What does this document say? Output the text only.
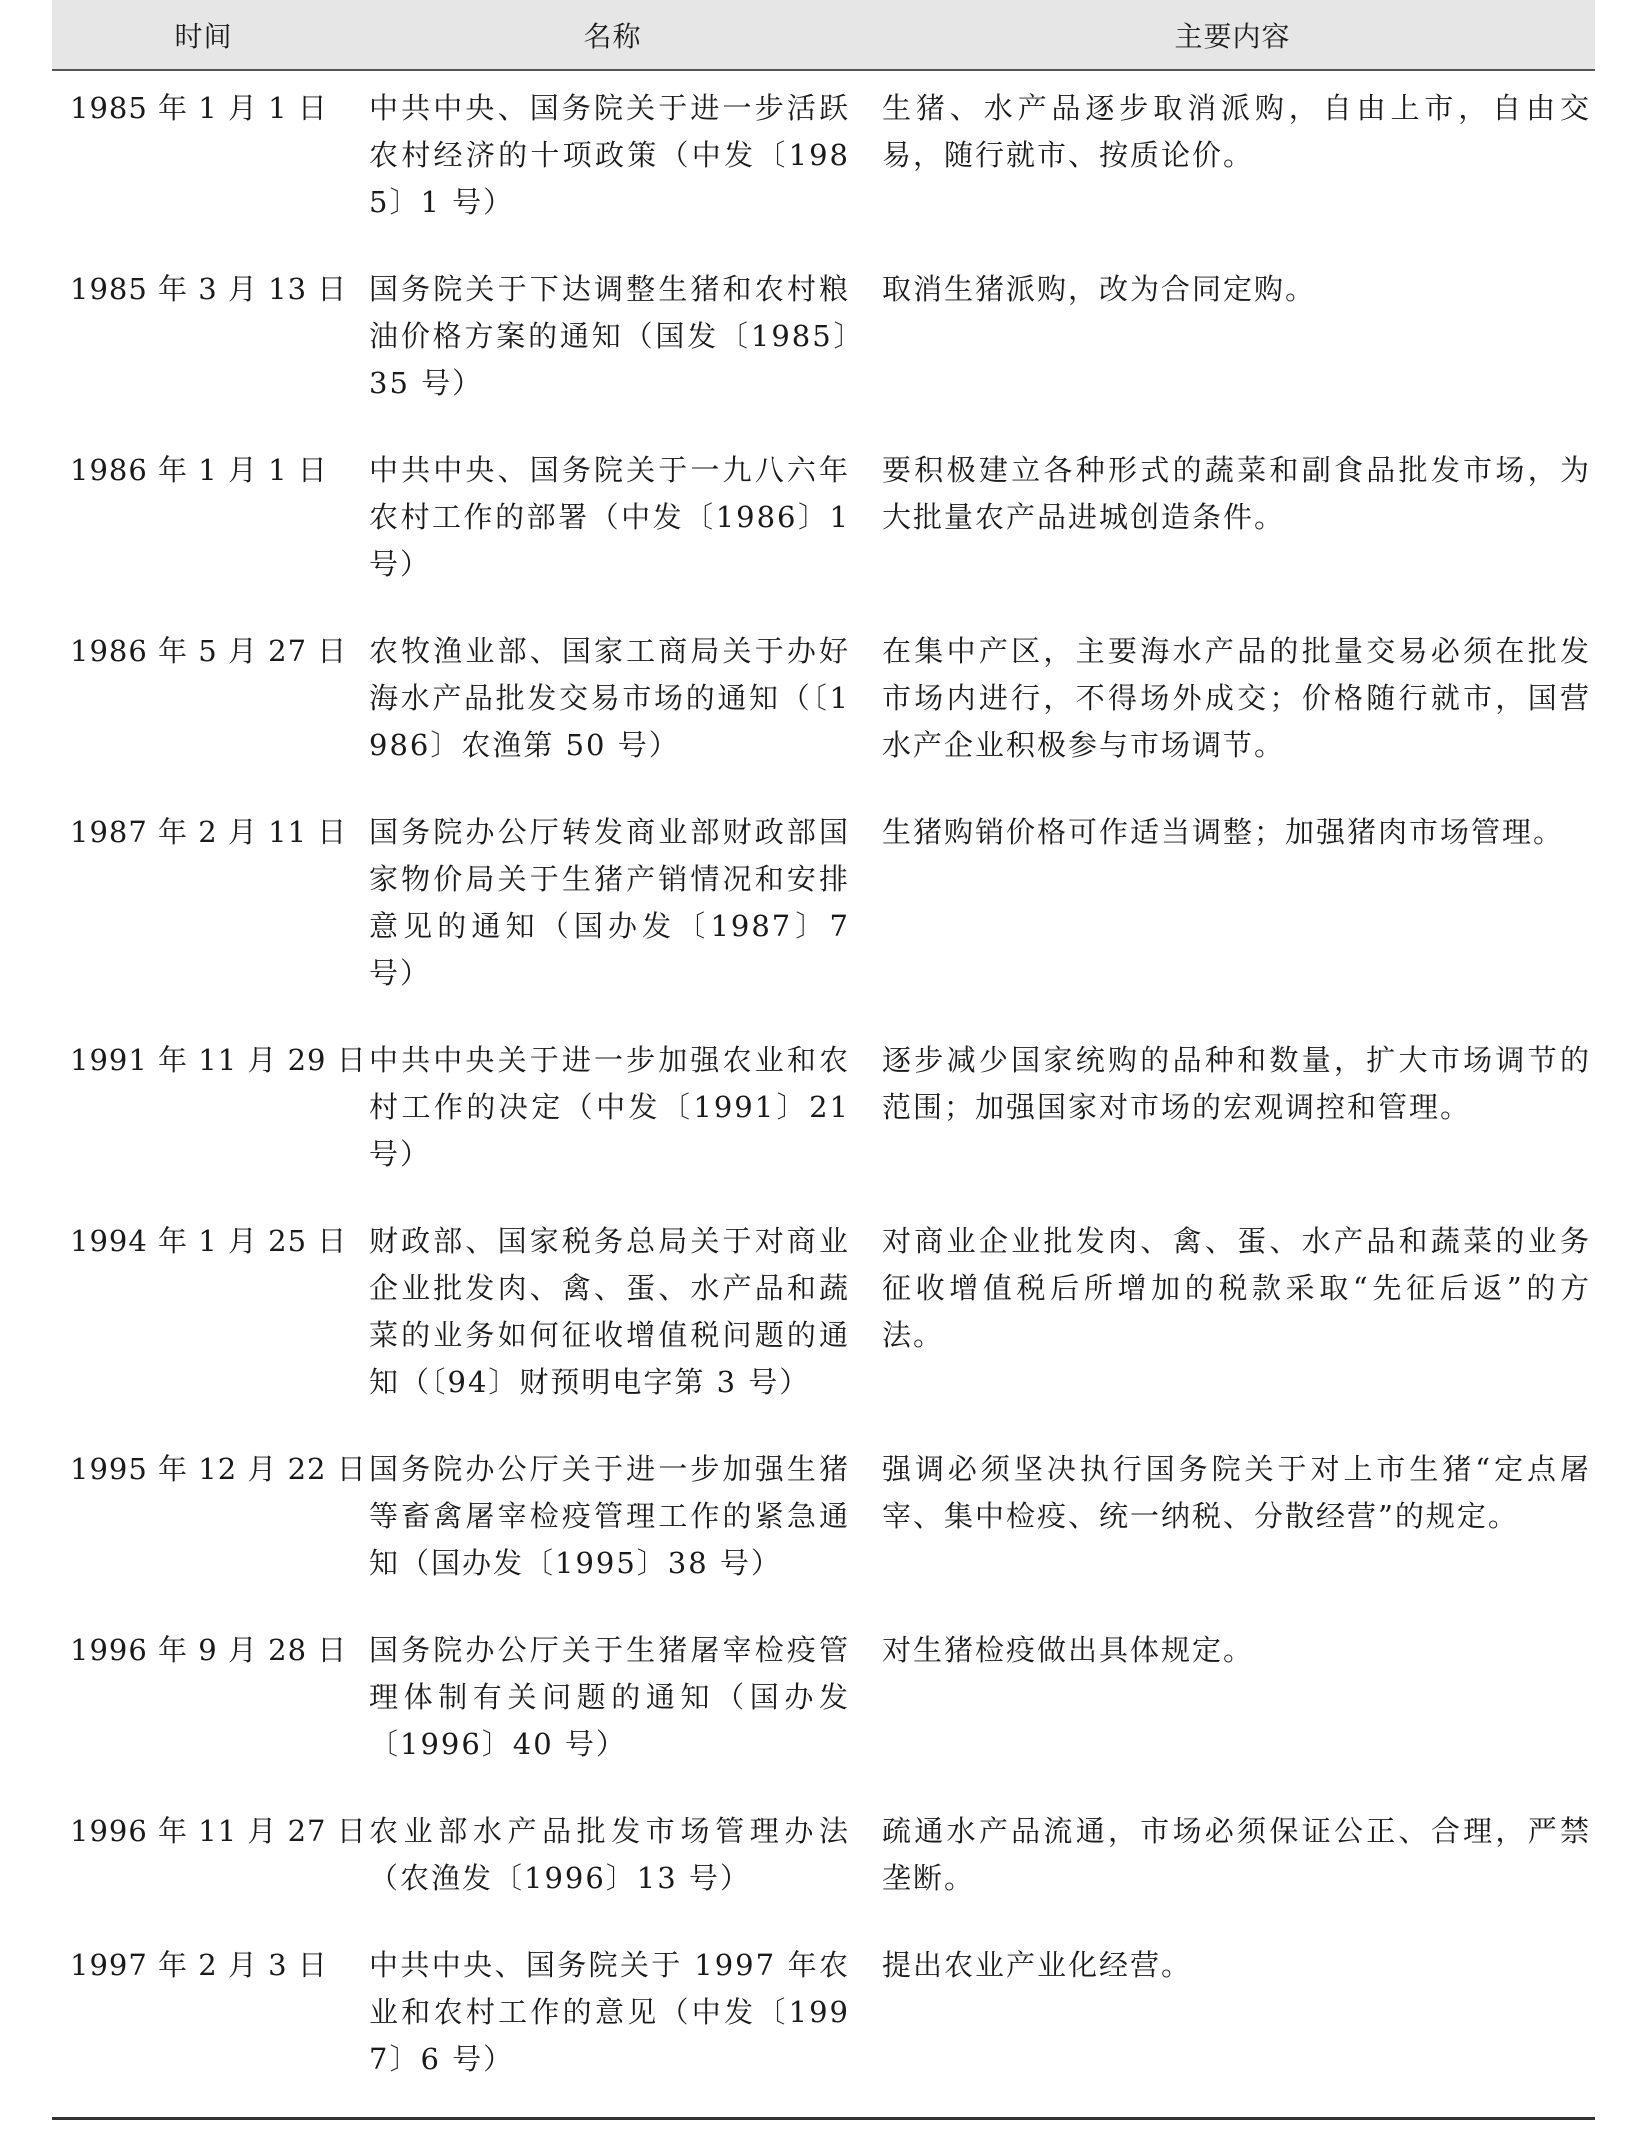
时间	名称	主要内容
1985 年 1 月 1 日	中共中央、国务院关于进一步活跃农村经济的十项政策（中发〔1985〕1 号）	生猪、水产品逐步取消派购，自由上市，自由交易，随行就市、按质论价。
1985 年 3 月 13 日	国务院关于下达调整生猪和农村粮油价格方案的通知（国发〔1985〕35 号）	取消生猪派购，改为合同定购。
1986 年 1 月 1 日	中共中央、国务院关于一九八六年农村工作的部署（中发〔1986〕1 号）	要积极建立各种形式的蔬菜和副食品批发市场，为大批量农产品进城创造条件。
1986 年 5 月 27 日	农牧渔业部、国家工商局关于办好海水产品批发交易市场的通知（〔1986〕农渔第 50 号）	在集中产区，主要海水产品的批量交易必须在批发市场内进行，不得场外成交；价格随行就市，国营水产企业积极参与市场调节。
1987 年 2 月 11 日	国务院办公厅转发商业部财政部国家物价局关于生猪产销情况和安排意见的通知（国办发〔1987〕7 号）	生猪购销价格可作适当调整；加强猪肉市场管理。
1991 年 11 月 29 日	中共中央关于进一步加强农业和农村工作的决定（中发〔1991〕21 号）	逐步减少国家统购的品种和数量，扩大市场调节的范围；加强国家对市场的宏观调控和管理。
1994 年 1 月 25 日	财政部、国家税务总局关于对商业企业批发肉、禽、蛋、水产品和蔬菜的业务如何征收增值税问题的通知（〔94〕财预明电字第 3 号）	对商业企业批发肉、禽、蛋、水产品和蔬菜的业务征收增值税后所增加的税款采取“先征后返”的方法。
1995 年 12 月 22 日	国务院办公厅关于进一步加强生猪等畜禽屠宰检疫管理工作的紧急通知（国办发〔1995〕38 号）	强调必须坚决执行国务院关于对上市生猪“定点屠宰、集中检疫、统一纳税、分散经营”的规定。
1996 年 9 月 28 日	国务院办公厅关于生猪屠宰检疫管理体制有关问题的通知（国办发〔1996〕40 号）	对生猪检疫做出具体规定。
1996 年 11 月 27 日	农业部水产品批发市场管理办法（农渔发〔1996〕13 号）	疏通水产品流通，市场必须保证公正、合理，严禁垄断。
1997 年 2 月 3 日	中共中央、国务院关于 1997 年农业和农村工作的意见（中发〔1997〕6 号）	提出农业产业化经营。
